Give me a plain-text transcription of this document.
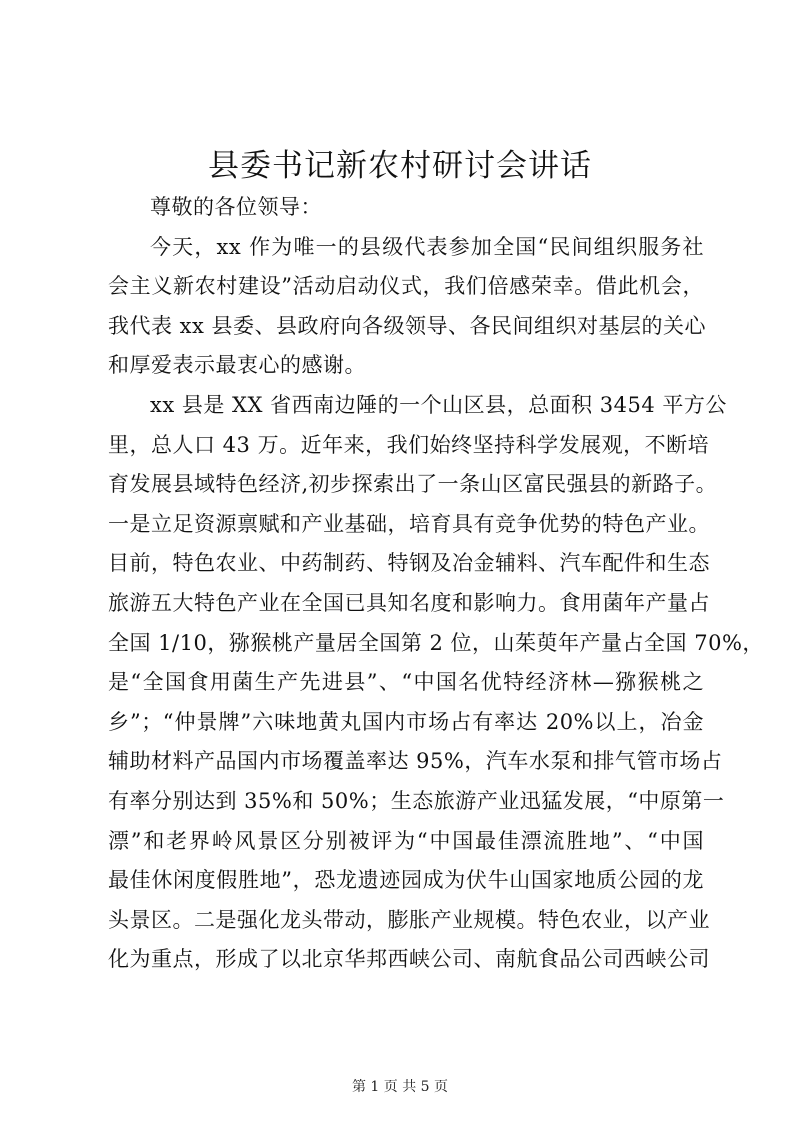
县委书记新农村研讨会讲话
尊敬的各位领导：
今天，xx 作为唯一的县级代表参加全国“民间组织服务社
会主义新农村建设”活动启动仪式，我们倍感荣幸。借此机会，
我代表 xx 县委、县政府向各级领导、各民间组织对基层的关心
和厚爱表示最衷心的感谢。
xx 县是 XX 省西南边陲的一个山区县，总面积 3454 平方公
里，总人口 43 万。近年来，我们始终坚持科学发展观，不断培
育发展县域特色经济,初步探索出了一条山区富民强县的新路子。
一是立足资源禀赋和产业基础，培育具有竞争优势的特色产业。
目前，特色农业、中药制药、特钢及冶金辅料、汽车配件和生态
旅游五大特色产业在全国已具知名度和影响力。食用菌年产量占
全国 1/10，猕猴桃产量居全国第 2 位，山茱萸年产量占全国 70%，
是“全国食用菌生产先进县”、“中国名优特经济林—猕猴桃之
乡”；“仲景牌”六味地黄丸国内市场占有率达 20%以上，冶金
辅助材料产品国内市场覆盖率达 95%，汽车水泵和排气管市场占
有率分别达到 35%和 50%；生态旅游产业迅猛发展，“中原第一
漂”和老界岭风景区分别被评为“中国最佳漂流胜地”、“中国
最佳休闲度假胜地”，恐龙遗迹园成为伏牛山国家地质公园的龙
头景区。二是强化龙头带动，膨胀产业规模。特色农业，以产业
化为重点，形成了以北京华邦西峡公司、南航食品公司西峡公司
第 1 页 共 5 页
